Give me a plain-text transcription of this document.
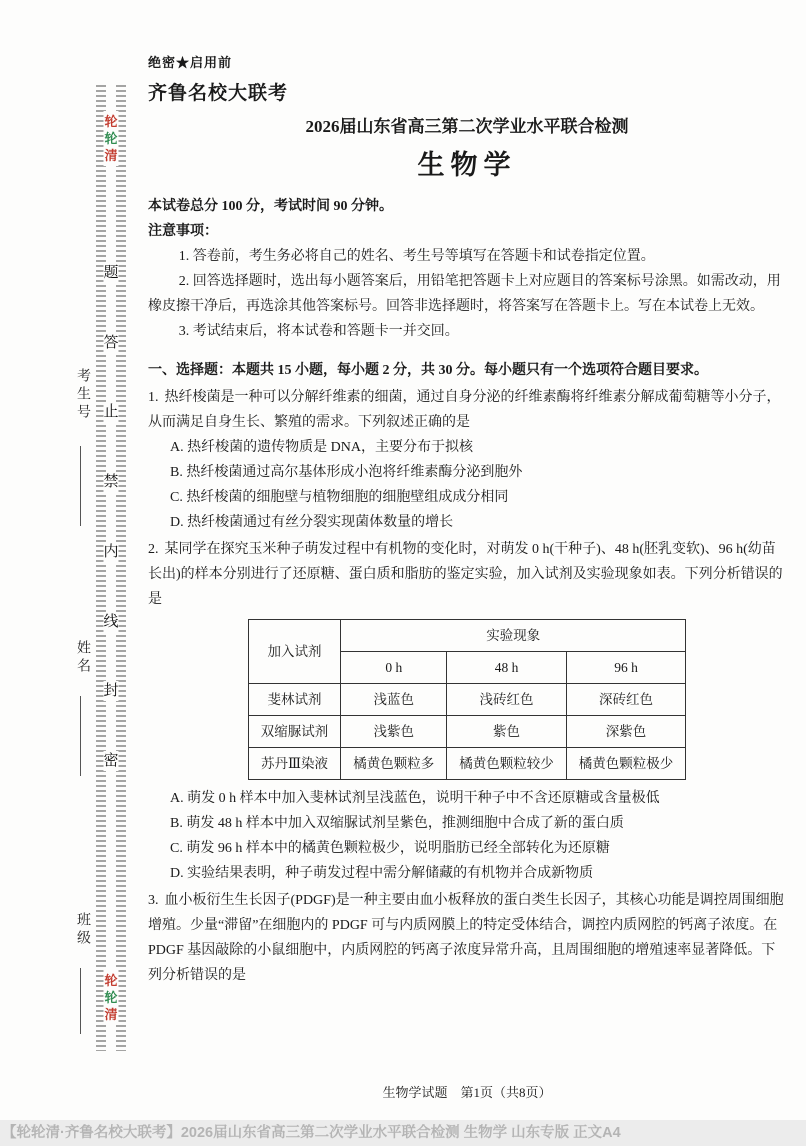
考生号
姓名
班级
轮
轮
清
密
封
线
内
禁
止
答
题
轮
轮
清
绝密★启用前
齐鲁名校大联考
2026届山东省高三第二次学业水平联合检测
生物学

本试卷总分 100 分，考试时间 90 分钟。

注意事项：

1. 答卷前，考生务必将自己的姓名、考生号等填写在答题卡和试卷指定位置。

2. 回答选择题时，选出每小题答案后，用铅笔把答题卡上对应题目的答案标号涂黑。如需改动，用橡皮擦干净后，再选涂其他答案标号。回答非选择题时，将答案写在答题卡上。写在本试卷上无效。

3. 考试结束后，将本试卷和答题卡一并交回。

一、选择题：本题共 15 小题，每小题 2 分，共 30 分。每小题只有一个选项符合题目要求。

1. 热纤梭菌是一种可以分解纤维素的细菌，通过自身分泌的纤维素酶将纤维素分解成葡萄糖等小分子，从而满足自身生长、繁殖的需求。下列叙述正确的是

A. 热纤梭菌的遗传物质是 DNA，主要分布于拟核

B. 热纤梭菌通过高尔基体形成小泡将纤维素酶分泌到胞外

C. 热纤梭菌的细胞壁与植物细胞的细胞壁组成成分相同

D. 热纤梭菌通过有丝分裂实现菌体数量的增长

2. 某同学在探究玉米种子萌发过程中有机物的变化时，对萌发 0 h(干种子)、48 h(胚乳变软)、96 h(幼苗长出)的样本分别进行了还原糖、蛋白质和脂肪的鉴定实验，加入试剂及实验现象如表。下列分析错误的是

加入试剂	实验现象		
	0 h	48 h	96 h
斐林试剂	浅蓝色	浅砖红色	深砖红色
双缩脲试剂	浅紫色	紫色	深紫色
苏丹Ⅲ染液	橘黄色颗粒多	橘黄色颗粒较少	橘黄色颗粒极少

A. 萌发 0 h 样本中加入斐林试剂呈浅蓝色，说明干种子中不含还原糖或含量极低

B. 萌发 48 h 样本中加入双缩脲试剂呈紫色，推测细胞中合成了新的蛋白质

C. 萌发 96 h 样本中的橘黄色颗粒极少，说明脂肪已经全部转化为还原糖

D. 实验结果表明，种子萌发过程中需分解储藏的有机物并合成新物质

3. 血小板衍生生长因子(PDGF)是一种主要由血小板释放的蛋白类生长因子，其核心功能是调控周围细胞增殖。少量“滞留”在细胞内的 PDGF 可与内质网膜上的特定受体结合，调控内质网腔的钙离子浓度。在 PDGF 基因敲除的小鼠细胞中，内质网腔的钙离子浓度异常升高，且周围细胞的增殖速率显著降低。下列分析错误的是

生物学试题　第1页（共8页）
【轮轮清·齐鲁名校大联考】2026届山东省高三第二次学业水平联合检测 生物学 山东专版 正文A4
